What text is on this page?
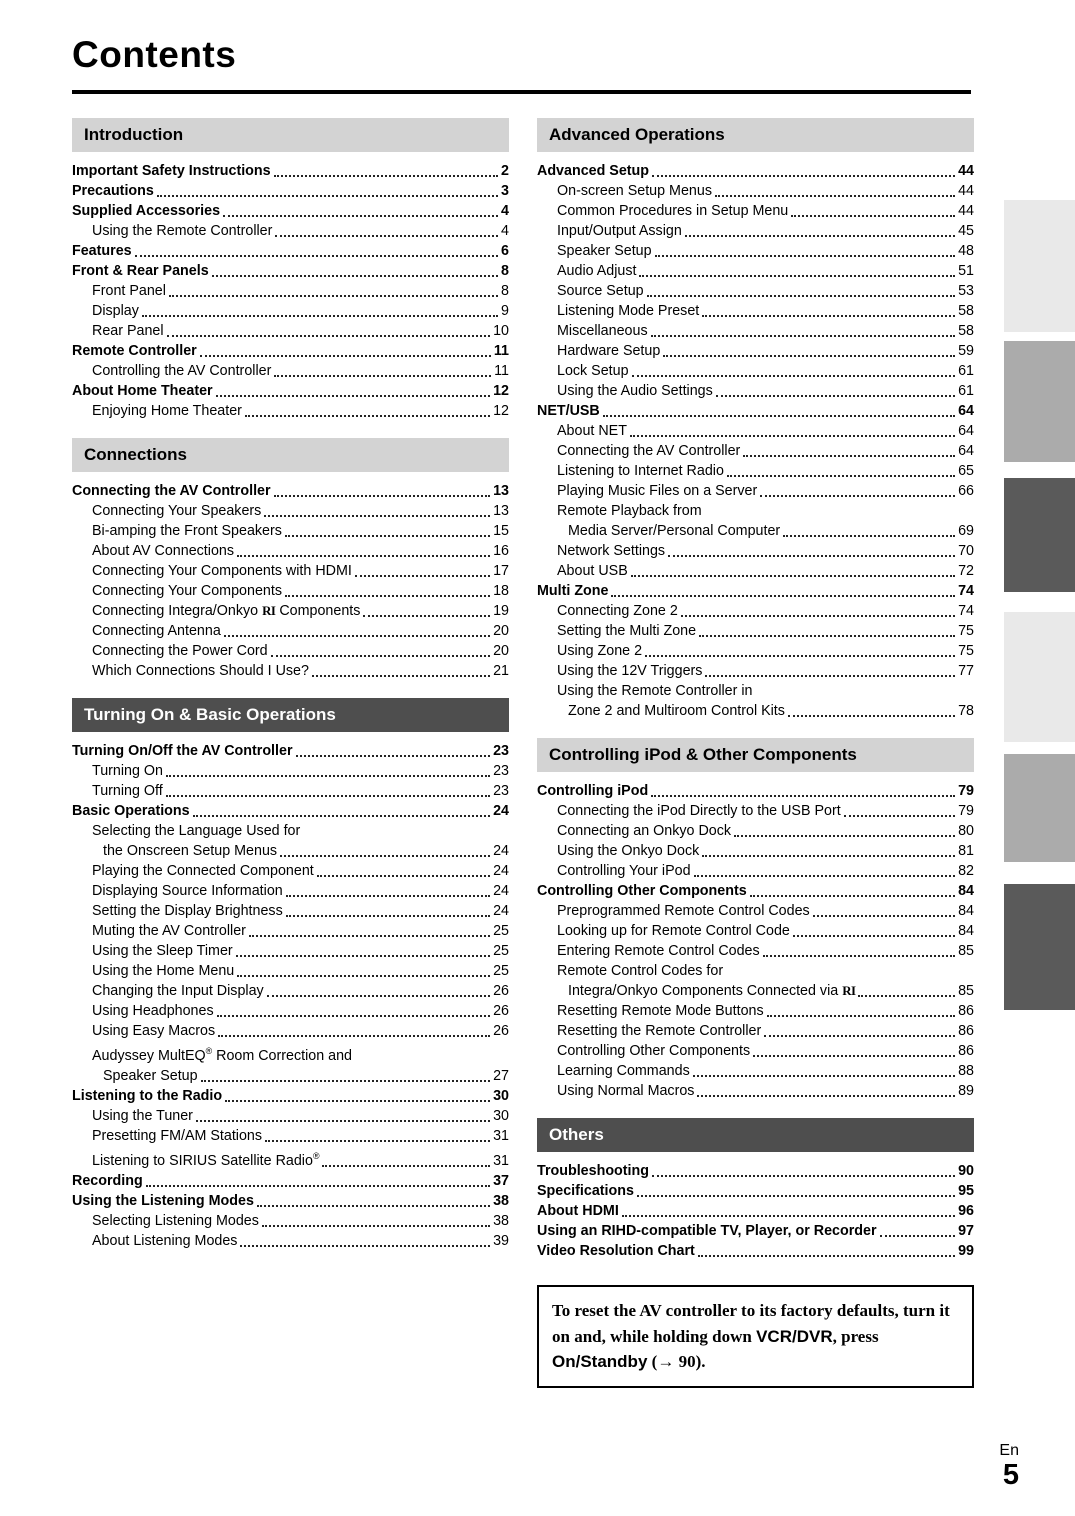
Contents
Introduction
Important Safety Instructions	2
Precautions	3
Supplied Accessories	4
Using the Remote Controller	4
Features	6
Front & Rear Panels	8
Front Panel	8
Display	9
Rear Panel	10
Remote Controller	11
Controlling the AV Controller	11
About Home Theater	12
Enjoying Home Theater	12
Connections
Connecting the AV Controller	13
Connecting Your Speakers	13
Bi-amping the Front Speakers	15
About AV Connections	16
Connecting Your Components with HDMI	17
Connecting Your Components	18
Connecting Integra/Onkyo RI Components	19
Connecting Antenna	20
Connecting the Power Cord	20
Which Connections Should I Use?	21
Turning On & Basic Operations
Turning On/Off the AV Controller	23
Turning On	23
Turning Off	23
Basic Operations	24
Selecting the Language Used for
the Onscreen Setup Menus	24
Playing the Connected Component	24
Displaying Source Information	24
Setting the Display Brightness	24
Muting the AV Controller	25
Using the Sleep Timer	25
Using the Home Menu	25
Changing the Input Display	26
Using Headphones	26
Using Easy Macros	26
Audyssey MultEQ® Room Correction and
Speaker Setup	27
Listening to the Radio	30
Using the Tuner	30
Presetting FM/AM Stations	31
Listening to SIRIUS Satellite Radio®	31
Recording	37
Using the Listening Modes	38
Selecting Listening Modes	38
About Listening Modes	39
Advanced Operations
Advanced Setup	44
On-screen Setup Menus	44
Common Procedures in Setup Menu	44
Input/Output Assign	45
Speaker Setup	48
Audio Adjust	51
Source Setup	53
Listening Mode Preset	58
Miscellaneous	58
Hardware Setup	59
Lock Setup	61
Using the Audio Settings	61
NET/USB	64
About NET	64
Connecting the AV Controller	64
Listening to Internet Radio	65
Playing Music Files on a Server	66
Remote Playback from
Media Server/Personal Computer	69
Network Settings	70
About USB	72
Multi Zone	74
Connecting Zone 2	74
Setting the Multi Zone	75
Using Zone 2	75
Using the 12V Triggers	77
Using the Remote Controller in
Zone 2 and Multiroom Control Kits	78
Controlling iPod & Other Components
Controlling iPod	79
Connecting the iPod Directly to the USB Port	79
Connecting an Onkyo Dock	80
Using the Onkyo Dock	81
Controlling Your iPod	82
Controlling Other Components	84
Preprogrammed Remote Control Codes	84
Looking up for Remote Control Code	84
Entering Remote Control Codes	85
Remote Control Codes for
Integra/Onkyo Components Connected via RI	85
Resetting Remote Mode Buttons	86
Resetting the Remote Controller	86
Controlling Other Components	86
Learning Commands	88
Using Normal Macros	89
Others
Troubleshooting	90
Specifications	95
About HDMI	96
Using an RIHD-compatible TV, Player, or Recorder	97
Video Resolution Chart	99
To reset the AV controller to its factory defaults, turn it on and, while holding down VCR/DVR, press On/Standby (→ 90).
En
5
